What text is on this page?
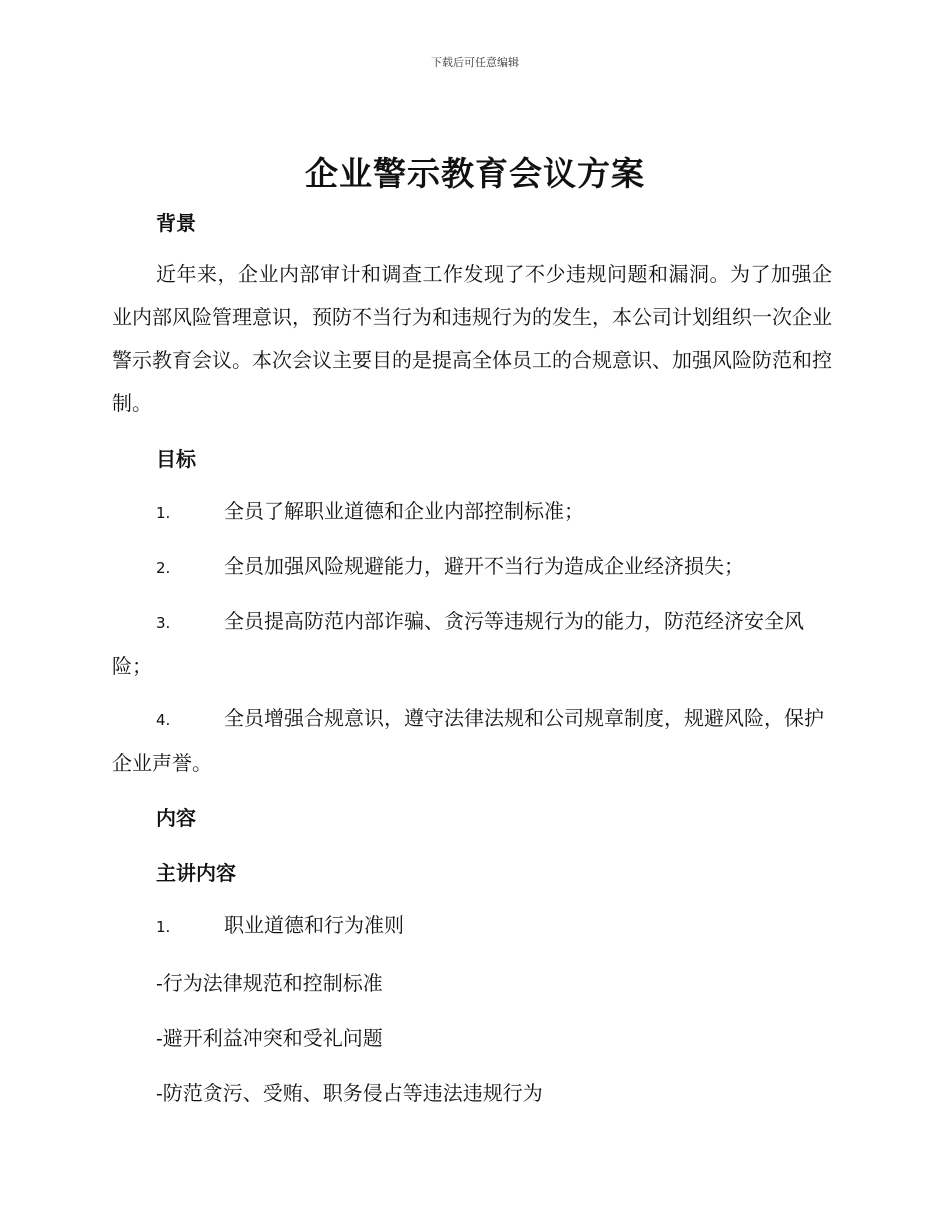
下载后可任意编辑
企业警示教育会议方案
背景

近年来，企业内部审计和调查工作发现了不少违规问题和漏洞。为了加强企业内部风险管理意识，预防不当行为和违规行为的发生，本公司计划组织一次企业警示教育会议。本次会议主要目的是提高全体员工的合规意识、加强风险防范和控制。

目标

1.	全员了解职业道德和企业内部控制标准；

2.	全员加强风险规避能力，避开不当行为造成企业经济损失；

3.	全员提高防范内部诈骗、贪污等违规行为的能力，防范经济安全风险；

4.	全员增强合规意识，遵守法律法规和公司规章制度，规避风险，保护企业声誉。

内容
主讲内容

1.	职业道德和行为准则

-行为法律规范和控制标准

-避开利益冲突和受礼问题

-防范贪污、受贿、职务侵占等违法违规行为
